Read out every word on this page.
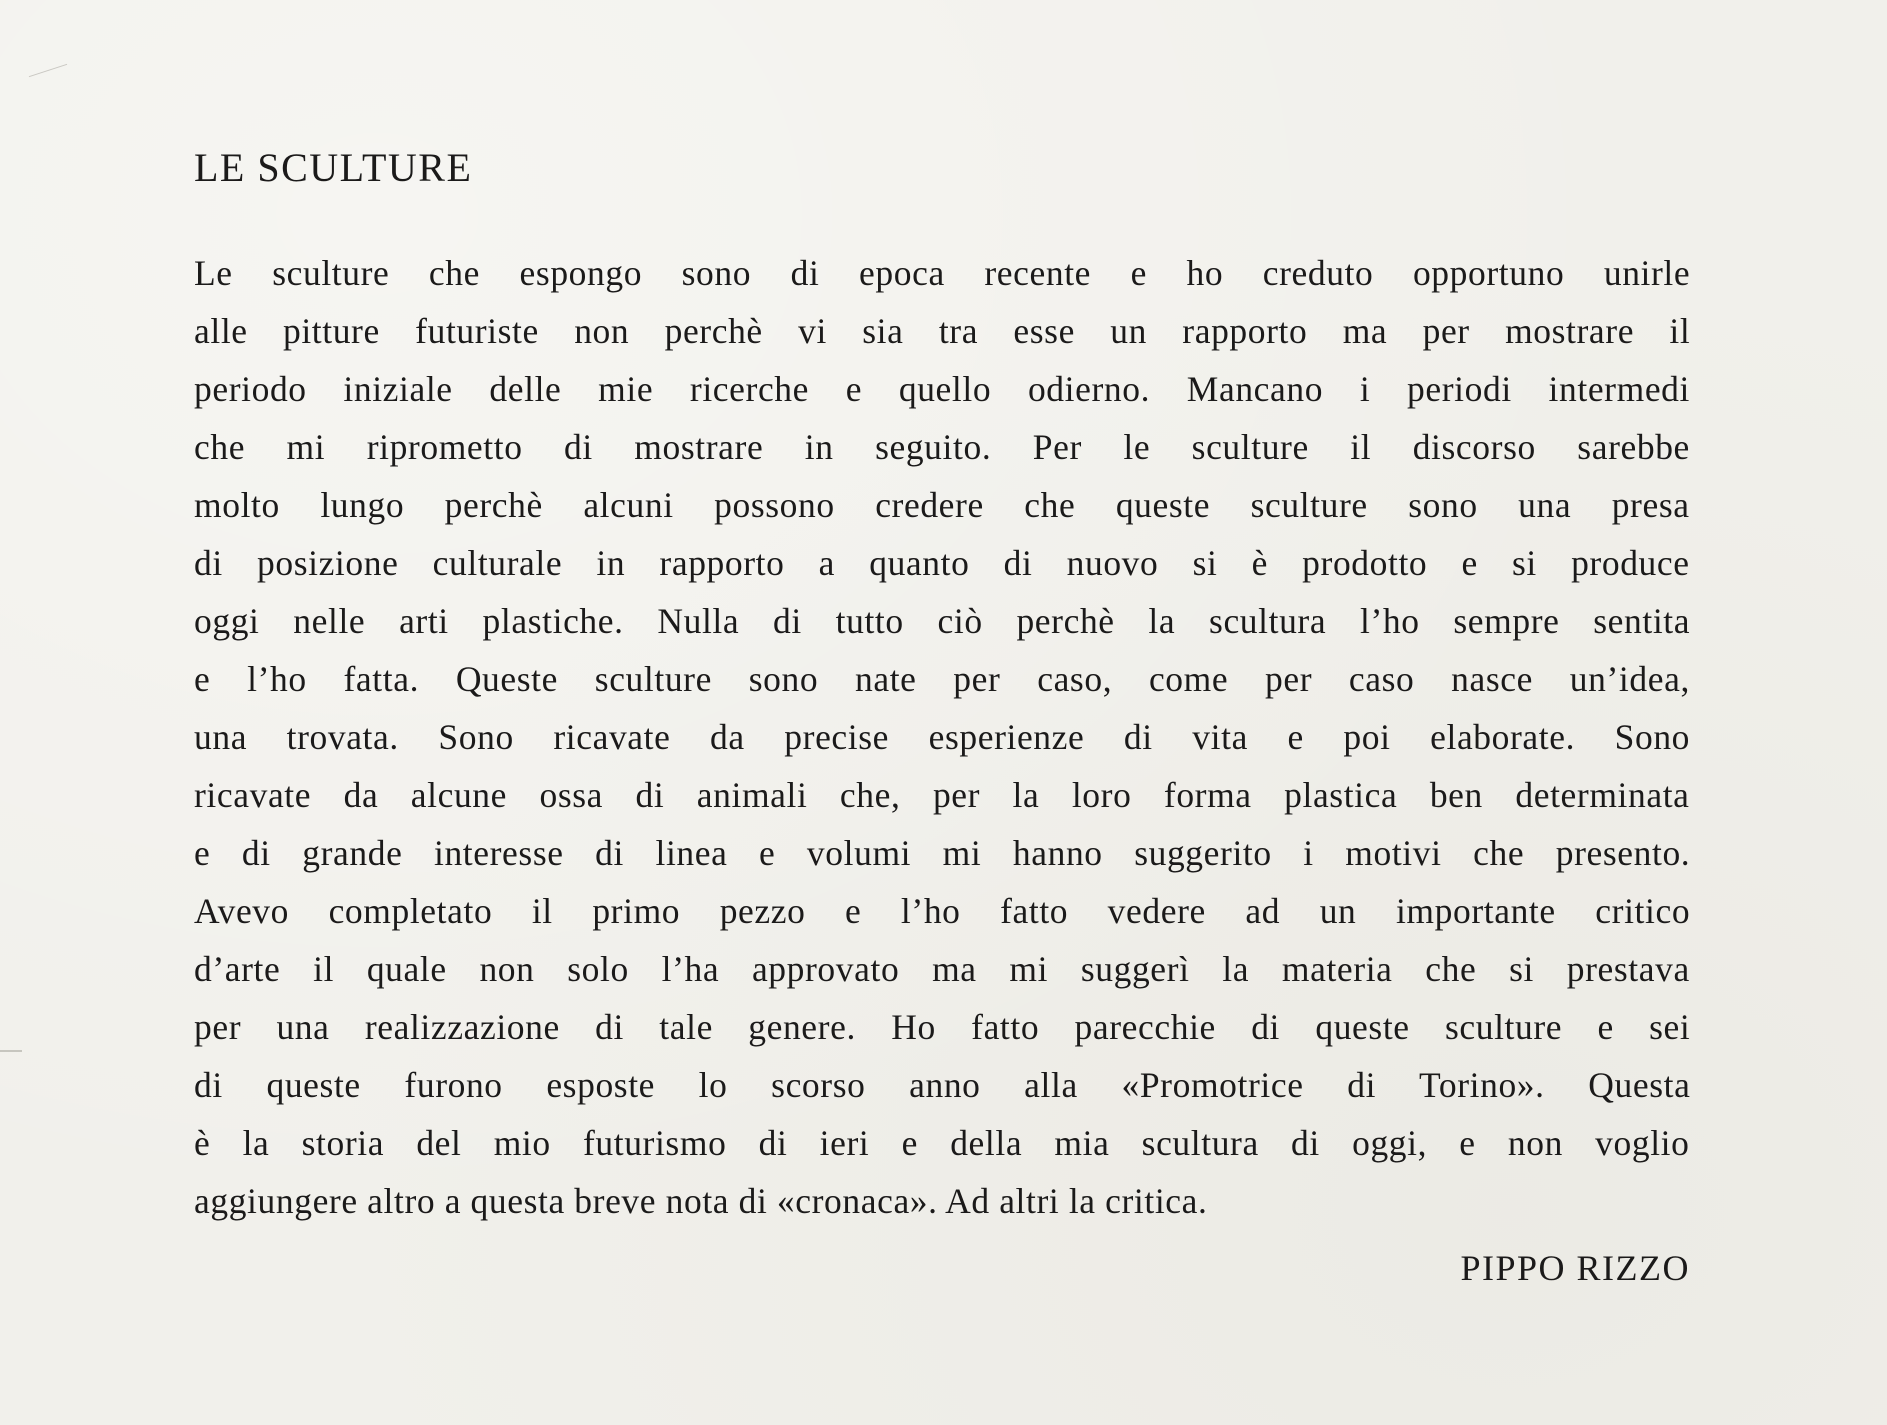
LE SCULTURE
Le sculture che espongo sono di epoca recente e ho creduto opportuno unirle
alle pitture futuriste non perchè vi sia tra esse un rapporto ma per mostrare il
periodo iniziale delle mie ricerche e quello odierno. Mancano i periodi intermedi
che mi riprometto di mostrare in seguito. Per le sculture il discorso sarebbe
molto lungo perchè alcuni possono credere che queste sculture sono una presa
di posizione culturale in rapporto a quanto di nuovo si è prodotto e si produce
oggi nelle arti plastiche. Nulla di tutto ciò perchè la scultura l’ho sempre sentita
e l’ho fatta. Queste sculture sono nate per caso, come per caso nasce un’idea,
una trovata. Sono ricavate da precise esperienze di vita e poi elaborate. Sono
ricavate da alcune ossa di animali che, per la loro forma plastica ben determinata
e di grande interesse di linea e volumi mi hanno suggerito i motivi che presento.
Avevo completato il primo pezzo e l’ho fatto vedere ad un importante critico
d’arte il quale non solo l’ha approvato ma mi suggerì la materia che si prestava
per una realizzazione di tale genere. Ho fatto parecchie di queste sculture e sei
di queste furono esposte lo scorso anno alla «Promotrice di Torino». Questa
è la storia del mio futurismo di ieri e della mia scultura di oggi, e non voglio
aggiungere altro a questa breve nota di «cronaca». Ad altri la critica.

PIPPO RIZZO
